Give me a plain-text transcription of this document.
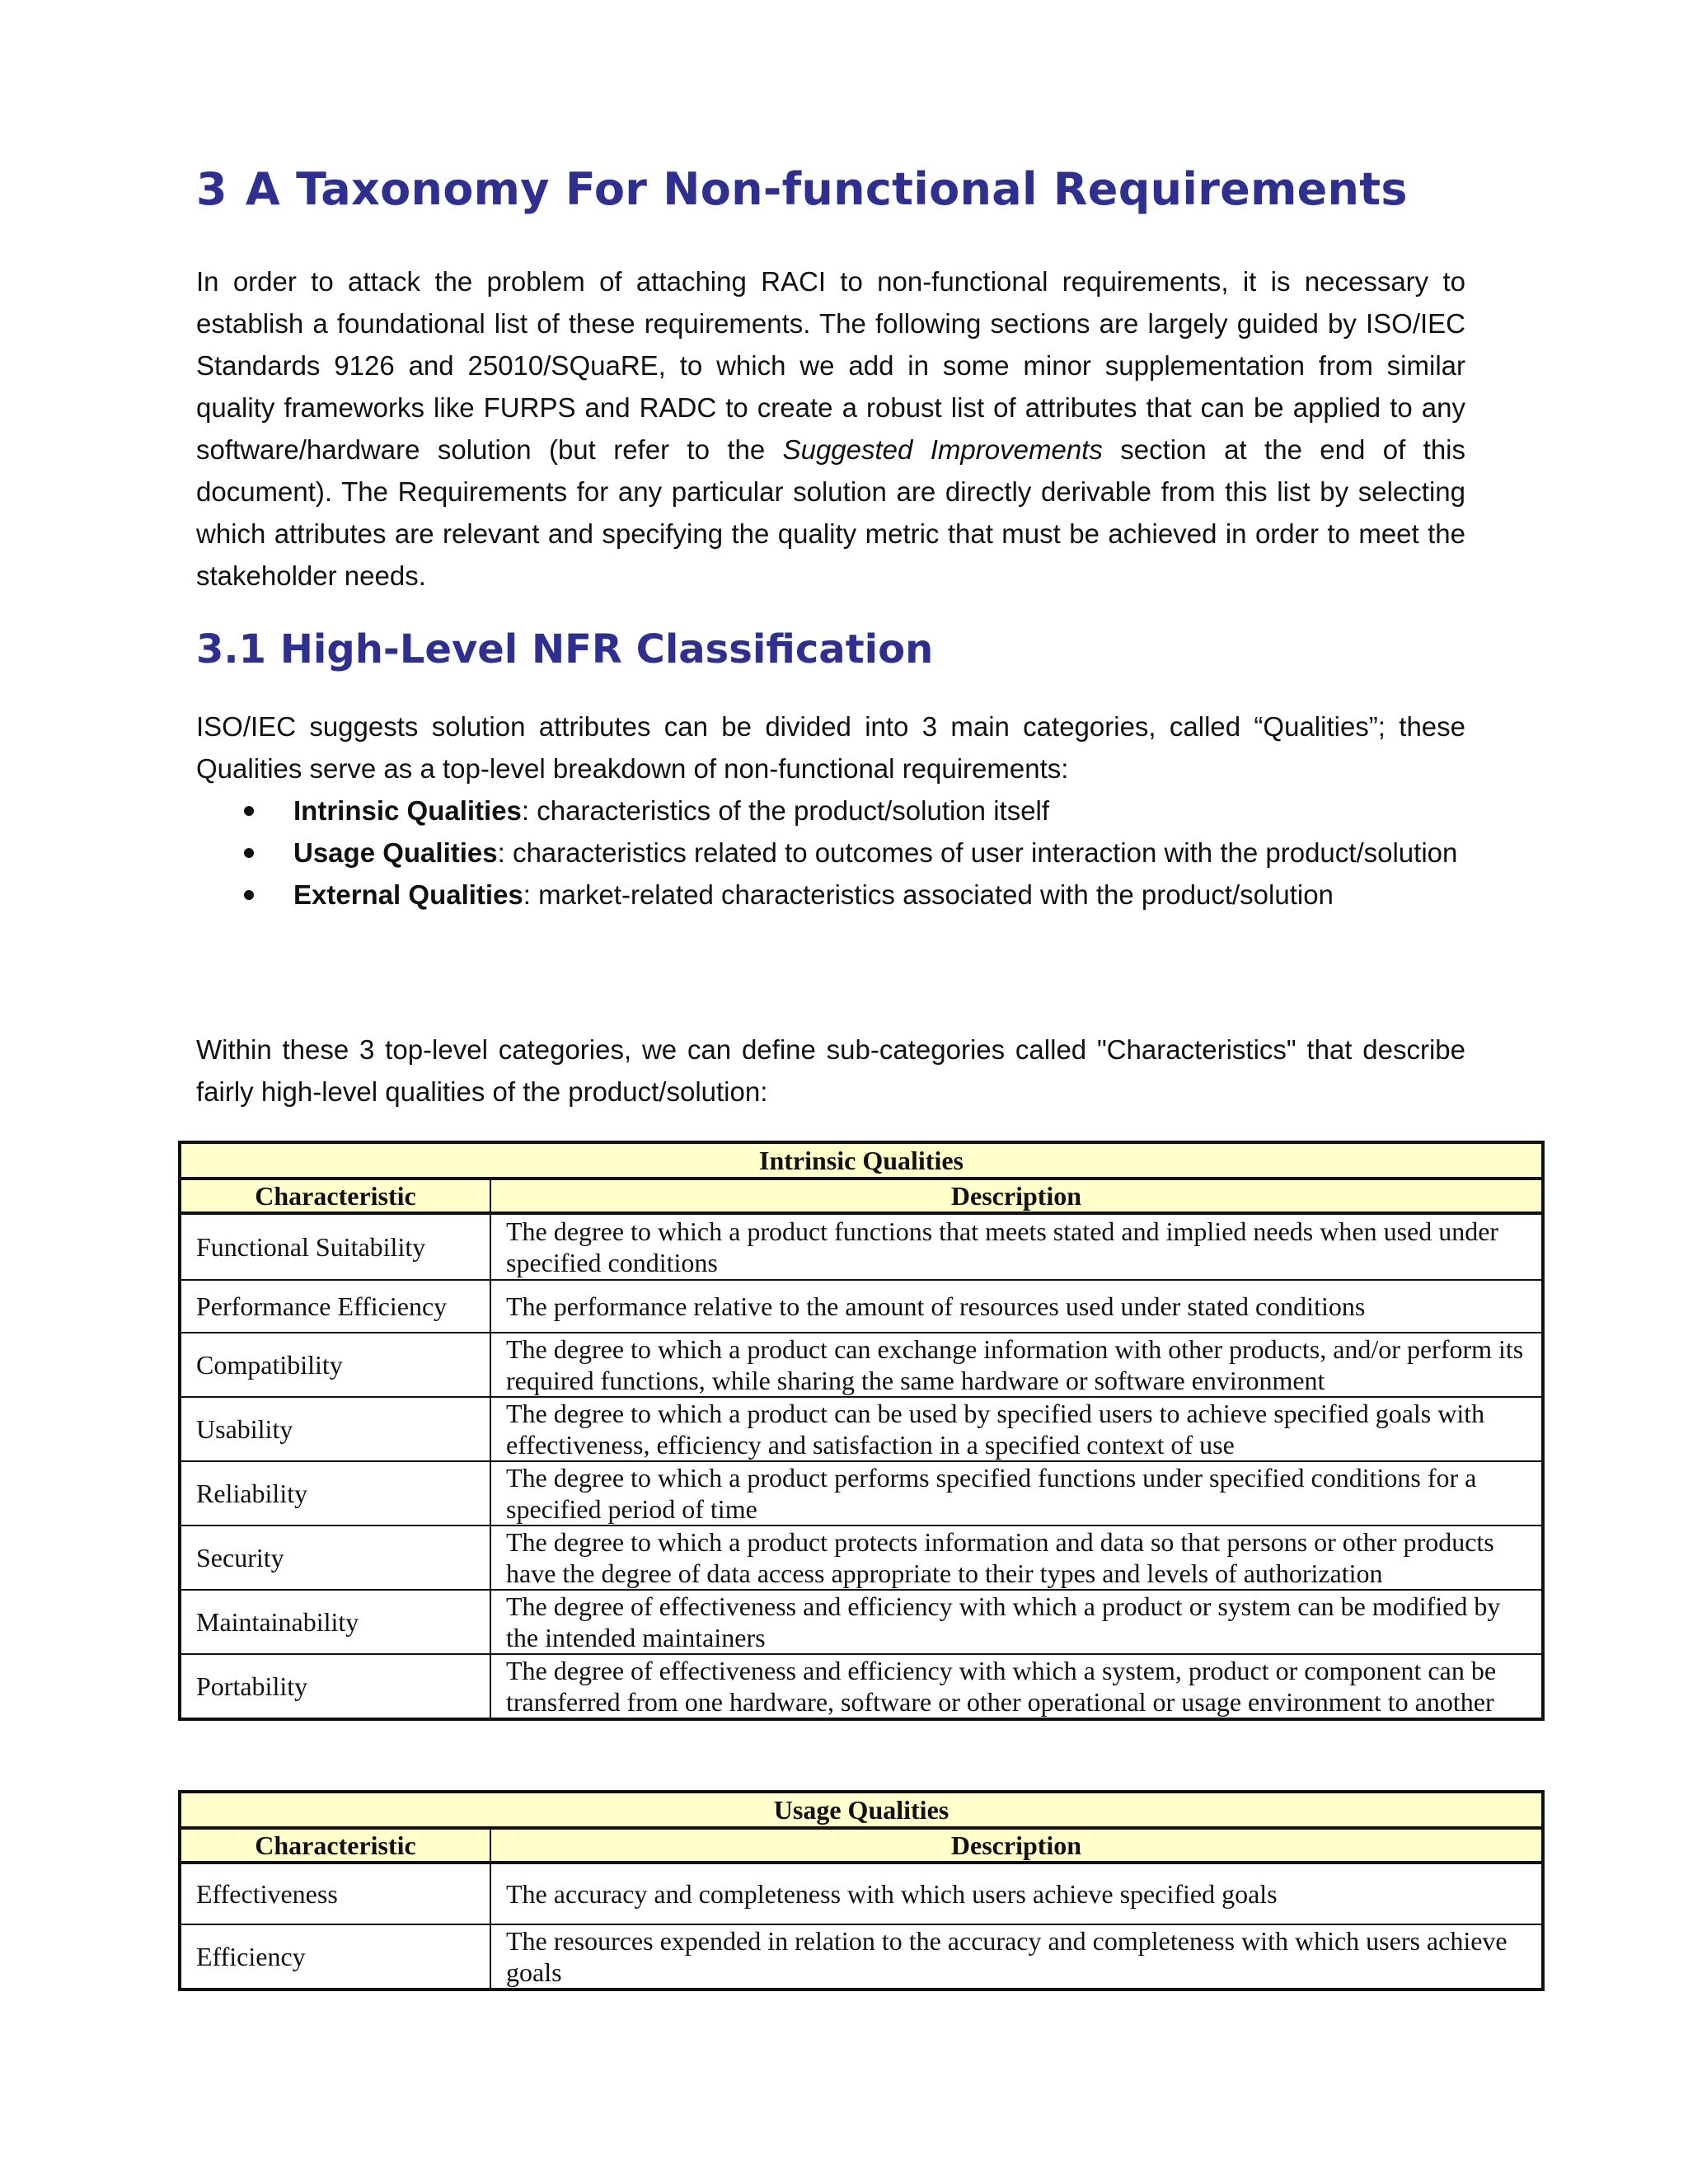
3 A Taxonomy For Non-functional Requirements

In order to attack the problem of attaching RACI to non-functional requirements, it is necessary to establish a foundational list of these requirements. The following sections are largely guided by ISO/IEC Standards 9126 and 25010/SQuaRE, to which we add in some minor supplementation from similar quality frameworks like FURPS and RADC to create a robust list of attributes that can be applied to any software/hardware solution (but refer to the Suggested Improvements section at the end of this document). The Requirements for any particular solution are directly derivable from this list by selecting which attributes are relevant and specifying the quality metric that must be achieved in order to meet the stakeholder needs.

3.1 High-Level NFR Classification

ISO/IEC suggests solution attributes can be divided into 3 main categories, called “Qualities”; these Qualities serve as a top-level breakdown of non-functional requirements:

Intrinsic Qualities: characteristics of the product/solution itself
Usage Qualities: characteristics related to outcomes of user interaction with the product/solution
External Qualities: market-related characteristics associated with the product/solution

Within these 3 top-level categories, we can define sub-categories called "Characteristics" that describe fairly high-level qualities of the product/solution:

Intrinsic Qualities	
Characteristic	Description
Functional Suitability	The degree to which a product functions that meets stated and implied needs when used under specified conditions
Performance Efficiency	The performance relative to the amount of resources used under stated conditions
Compatibility	The degree to which a product can exchange information with other products, and/or perform its required functions, while sharing the same hardware or software environment
Usability	The degree to which a product can be used by specified users to achieve specified goals with effectiveness, efficiency and satisfaction in a specified context of use
Reliability	The degree to which a product performs specified functions under specified conditions for a specified period of time
Security	The degree to which a product protects information and data so that persons or other products have the degree of data access appropriate to their types and levels of authorization
Maintainability	The degree of effectiveness and efficiency with which a product or system can be modified by the intended maintainers
Portability	The degree of effectiveness and efficiency with which a system, product or component can be transferred from one hardware, software or other operational or usage environment to another
Usage Qualities	
Characteristic	Description
Effectiveness	The accuracy and completeness with which users achieve specified goals
Efficiency	The resources expended in relation to the accuracy and completeness with which users achieve goals
